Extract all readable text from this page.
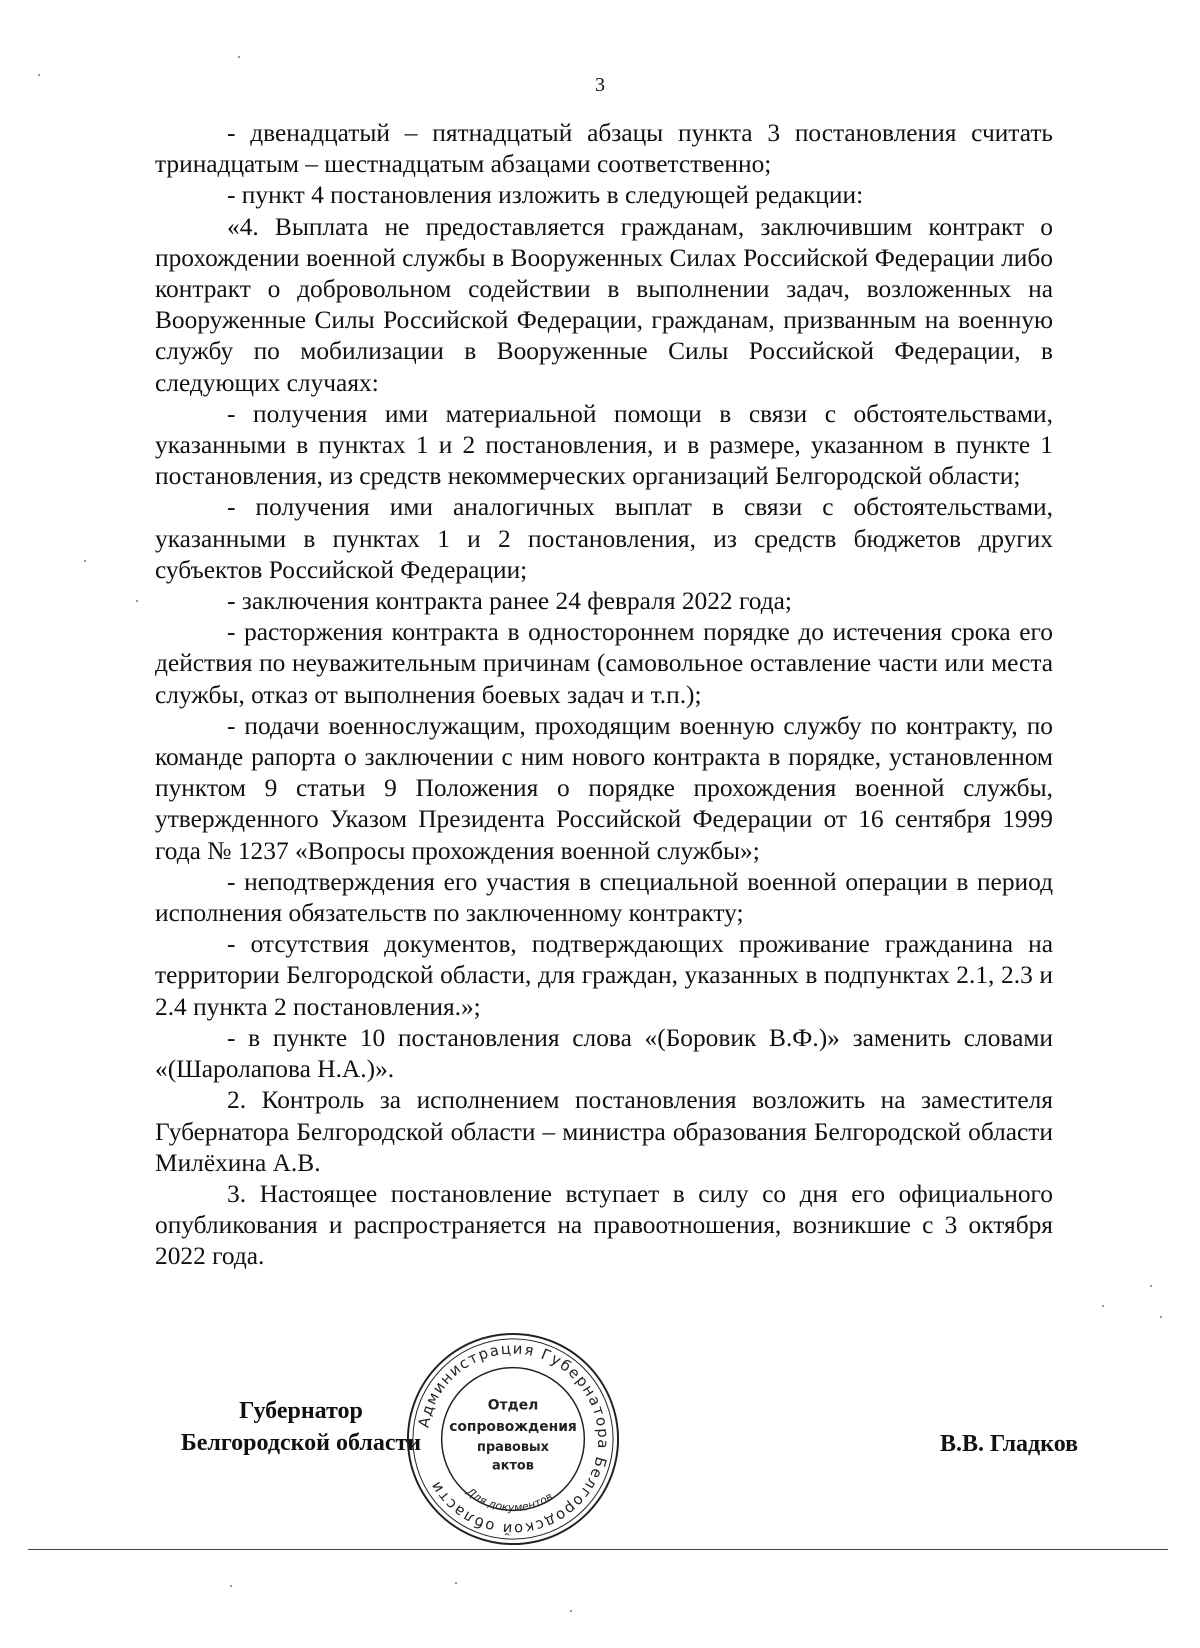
3

- двенадцатый – пятнадцатый абзацы пункта 3 постановления считать тринадцатым – шестнадцатым абзацами соответственно;

- пункт 4 постановления изложить в следующей редакции:

«4. Выплата не предоставляется гражданам, заключившим контракт о прохождении военной службы в Вооруженных Силах Российской Федерации либо контракт о добровольном содействии в выполнении задач, возложенных на Вооруженные Силы Российской Федерации, гражданам, призванным на военную службу по мобилизации в Вооруженные Силы Российской Федерации, в следующих случаях:

- получения ими материальной помощи в связи с обстоятельствами, указанными в пунктах 1 и 2 постановления, и в размере, указанном в пункте 1 постановления, из средств некоммерческих организаций Белгородской области;

- получения ими аналогичных выплат в связи с обстоятельствами, указанными в пунктах 1 и 2 постановления, из средств бюджетов других субъектов Российской Федерации;

- заключения контракта ранее 24 февраля 2022 года;

- расторжения контракта в одностороннем порядке до истечения срока его действия по неуважительным причинам (самовольное оставление части или места службы, отказ от выполнения боевых задач и т.п.);

- подачи военнослужащим, проходящим военную службу по контракту, по команде рапорта о заключении с ним нового контракта в порядке, установленном пунктом 9 статьи 9 Положения о порядке прохождения военной службы, утвержденного Указом Президента Российской Федерации от 16 сентября 1999 года № 1237 «Вопросы прохождения военной службы»;

- неподтверждения его участия в специальной военной операции в период исполнения обязательств по заключенному контракту;

- отсутствия документов, подтверждающих проживание гражданина на территории Белгородской области, для граждан, указанных в подпунктах 2.1, 2.3 и 2.4 пункта 2 постановления.»;

- в пункте 10 постановления слова «(Боровик В.Ф.)» заменить словами «(Шаролапова Н.А.)».

2. Контроль за исполнением постановления возложить на заместителя Губернатора Белгородской области – министра образования Белгородской области Милёхина А.В.

3. Настоящее постановление вступает в силу со дня его официального опубликования и распространяется на правоотношения, возникшие с 3 октября 2022 года.

Губернатор
Белгородской области	В.В. Гладков
Администрация Губернатора Белгородской области
Отдел
сопровождения
правовых
актов
Для документов
